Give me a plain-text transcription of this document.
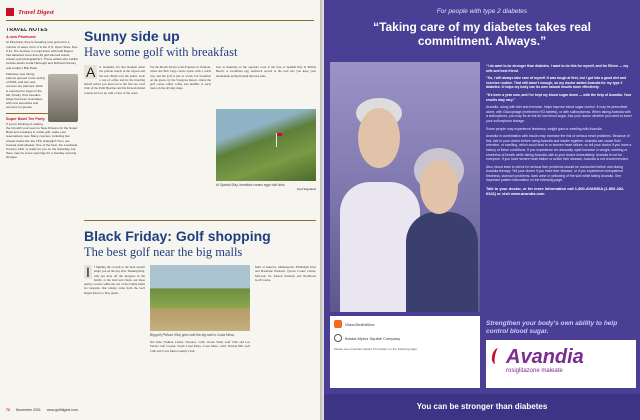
Travel Digest
TRAVEL NOTES
A new Pinehurst
At Pinehurst, they're breaking new ground in a number of ways. First, it is the U.S. Open Sites. Nov. 9-11. The festival, in conjunction with Golf Digest, has attracted more than 30 golf-themed artists, artisan and photographers. Those artists who exhibit include artists Linda Hartough and Richard Chorley and sculptor Bob Pack.
Fabulous new dining options opened in the spring of 2003, and two new courses are planned. Work is expected to begin in the fall. Finally, Pine Needles lodge has been renovated, with new amenities and services for guests.
Super Bowl Tee Party
If you're thinking of making the trip with your team to New Orleans for the Super Bowl and sneaking in a little golf, make your reservations now. Many courses, including two private tracks like the TPC at English Turn, are booked solid already. One of the best, the Louisiana Country Club, is ready for you on the Saturday, but there may be a few openings for a Sunday morning shotgun.
Sunny side up
Have some golf with breakfast
A	h, breakfast. It's that moment when the pelican stands in the lagoon and the sun climbs over the palms. Grab a cup of coffee and let the morning unfold before you head out to the first tee. Golf Club of the Palm Beaches and the Kiawah Island courses serve it up with a view of the water.
Try the Marsh Tavern at the Equinox in Vermont, where the Bob Cupp course opens with a warm cup, and the golf is just as warm. For breakfast on the green, try the Sawgrass Resort, where the golf course offers coffee and muffins to early risers on the driving range.
Just as inspiring on the opposite coast is the fare at Spanish Bay in Pebble Beach. A scrambled egg sandwich served at the turn lets you keep your momentum going through the back nine.
At Spanish Bay, breakfast means eggs with links.
Carl Vigeland
Black Friday: Golf shopping
The best golf near the big malls
I	f fighting the crowds at the mall doesn't tempt you on the day after Thanksgiving, why not drop off the shoppers in the family at the mall and check out these nearby courses while the rest of the family hunts for bargains. Our ratings come from the Golf Digest Places to Play guide.
Big golf (Pelican Hills) goes with the big mall in Costa Mesa.
Del Amo Fashion Center, Torrance, Calif. Ocean Trails Golf Club and Los Verdes Golf Course. South Coast Plaza, Costa Mesa, Calif. Pelican Hill Golf Club and Costa Mesa Country Club.
Mall of America, Minneapolis. Edinburgh USA and Hazeltine National. Tysons Corner Center, McLean, Va. Reston National and Northwest Golf Course.
72 November 2001 www.golfdigest.com
For people with type 2 diabetes
“Taking care of my diabetes takes real commitment. Always.”

“I do want to be stronger than diabetes. I want to do this for myself, and for Eileen — my wife and best friend.

“So, I will always take care of myself. It was tough at first, but I got into a good diet and exercise routine. That still wasn't enough, so my doctor added Avandia for my type 2 diabetes. It helps my body use its own natural insulin more effectively.

“It's been a year now, and I've kept my blood sugar down — with the help of Avandia. Your results may vary.”

Avandia, along with diet and exercise, helps improve blood sugar control. It may be prescribed alone, with Glucophage (metformin HCl tablets), or with sulfonylureas. When taking Avandia with a sulfonylurea, you may be at risk for low blood sugar. Ask your doctor whether you need to lower your sulfonylurea dosage.

Some people may experience tiredness, weight gain or swelling with Avandia.

Avandia in combination with insulin may increase the risk of serious heart problems. Because of this, talk to your doctor before using Avandia and insulin together. Avandia can cause fluid retention, or swelling, which could lead to or worsen heart failure, so tell your doctor if you have a history of these conditions. If you experience an unusually rapid increase in weight, swelling or shortness of breath while taking Avandia, talk to your doctor immediately. Avandia is not for everyone. If you have severe heart failure or active liver disease, Avandia is not recommended.

Also, blood tests to check for serious liver problems should be conducted before and during Avandia therapy. Tell your doctor if you have liver disease, or if you experience unexplained tiredness, stomach problems, dark urine or yellowing of the skin while taking Avandia. See important patient information on the following page.

Talk to your doctor, or for more information call 1-800-AVANDIA (1-800-282-6342) or visit www.avandia.com

Strengthen your body's own ability to help control blood sugar.
GlaxoSmithKline
Bristol-Myers Squibb Company
Please see important patient information on the following page.	Avandia
rosiglitazone maleate
You can be stronger than diabetes
